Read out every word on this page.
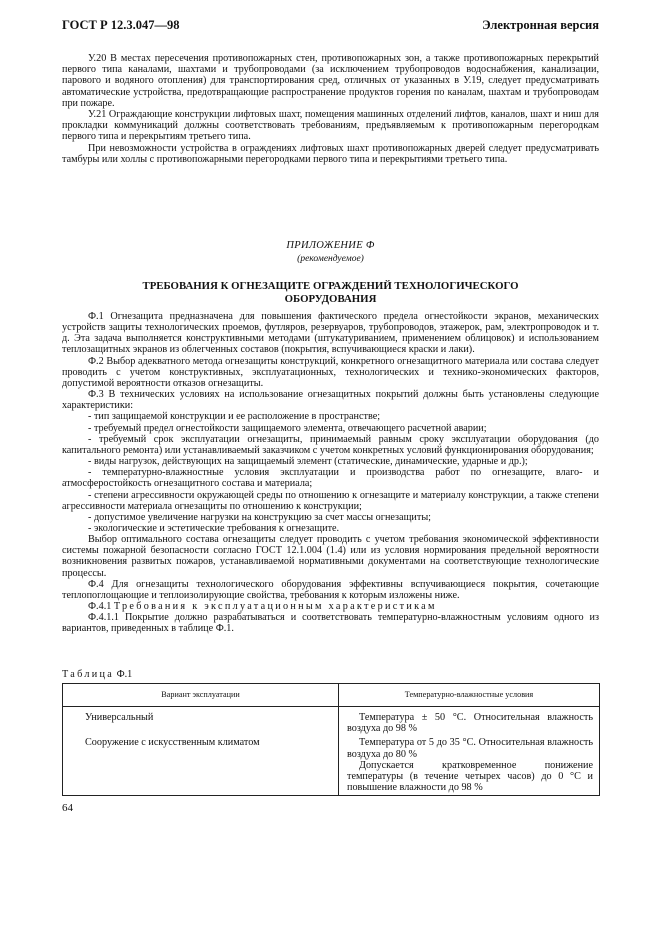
ГОСТ Р 12.3.047—98	Электронная версия

У.20 В местах пересечения противопожарных стен, противопожарных зон, а также противопожарных перекрытий первого типа каналами, шахтами и трубопроводами (за исключением трубопроводов водоснабжения, канализации, парового и водяного отопления) для транспортирования сред, отличных от указанных в У.19, следует предусматривать автоматические устройства, предотвращающие распространение продуктов горения по каналам, шахтам и трубопроводам при пожаре.

У.21 Ограждающие конструкции лифтовых шахт, помещения машинных отделений лифтов, каналов, шахт и ниш для прокладки коммуникаций должны соответствовать требованиям, предъявляемым к противопожарным перегородкам первого типа и перекрытиям третьего типа.

При невозможности устройства в ограждениях лифтовых шахт противопожарных дверей следует предусматривать тамбуры или холлы с противопожарными перегородками первого типа и перекрытиями третьего типа.

ПРИЛОЖЕНИЕ Ф
(рекомендуемое)
ТРЕБОВАНИЯ К ОГНЕЗАЩИТЕ ОГРАЖДЕНИЙ ТЕХНОЛОГИЧЕСКОГО
ОБОРУДОВАНИЯ

Ф.1 Огнезащита предназначена для повышения фактического предела огнестойкости экранов, механических устройств защиты технологических проемов, футляров, резервуаров, трубопроводов, этажерок, рам, электропроводок и т. д. Эта задача выполняется конструктивными методами (штукатуриванием, применением облицовок) и использованием теплозащитных экранов из облегченных составов (покрытия, вспучивающиеся краски и лаки).

Ф.2 Выбор адекватного метода огнезащиты конструкций, конкретного огнезащитного материала или состава следует проводить с учетом конструктивных, эксплуатационных, технологических и технико-экономических факторов, допустимой вероятности отказов огнезащиты.

Ф.3 В технических условиях на использование огнезащитных покрытий должны быть установлены следующие характеристики:

- тип защищаемой конструкции и ее расположение в пространстве;

- требуемый предел огнестойкости защищаемого элемента, отвечающего расчетной аварии;

- требуемый срок эксплуатации огнезащиты, принимаемый равным сроку эксплуатации оборудования (до капитального ремонта) или устанавливаемый заказчиком с учетом конкретных условий функционирования оборудования;

- виды нагрузок, действующих на защищаемый элемент (статические, динамические, ударные и др.);

- температурно-влажностные условия эксплуатации и производства работ по огнезащите, влаго- и атмосферостойкость огнезащитного состава и материала;

- степени агрессивности окружающей среды по отношению к огнезащите и материалу конструкции, а также степени агрессивности материала огнезащиты по отношению к конструкции;

- допустимое увеличение нагрузки на конструкцию за счет массы огнезащиты;

- экологические и эстетические требования к огнезащите.

Выбор оптимального состава огнезащиты следует проводить с учетом требования экономической эффективности системы пожарной безопасности согласно ГОСТ 12.1.004 (1.4) или из условия нормирования предельной вероятности возникновения развитых пожаров, устанавливаемой нормативными документами на соответствующие технологические процессы.

Ф.4 Для огнезащиты технологического оборудования эффективны вспучивающиеся покрытия, сочетающие теплопоглощающие и теплоизолирующие свойства, требования к которым изложены ниже.

Ф.4.1 Требования к эксплуатационным характеристикам

Ф.4.1.1 Покрытие должно разрабатываться и соответствовать температурно-влажностным условиям одного из вариантов, приведенных в таблице Ф.1.

Таблица Ф.1
Вариант эксплуатации	Температурно-влажностные условия
Универсальный	Температура ± 50 °С. Относительная влажность воздуха до 98 %

Сооружение с искусственным климатом	Температура от 5 до 35 °С. Относительная влажность воздуха до 80 %

Допускается кратковременное понижение температуры (в течение четырех часов) до 0 °С и повышение влажности до 98 %

64
